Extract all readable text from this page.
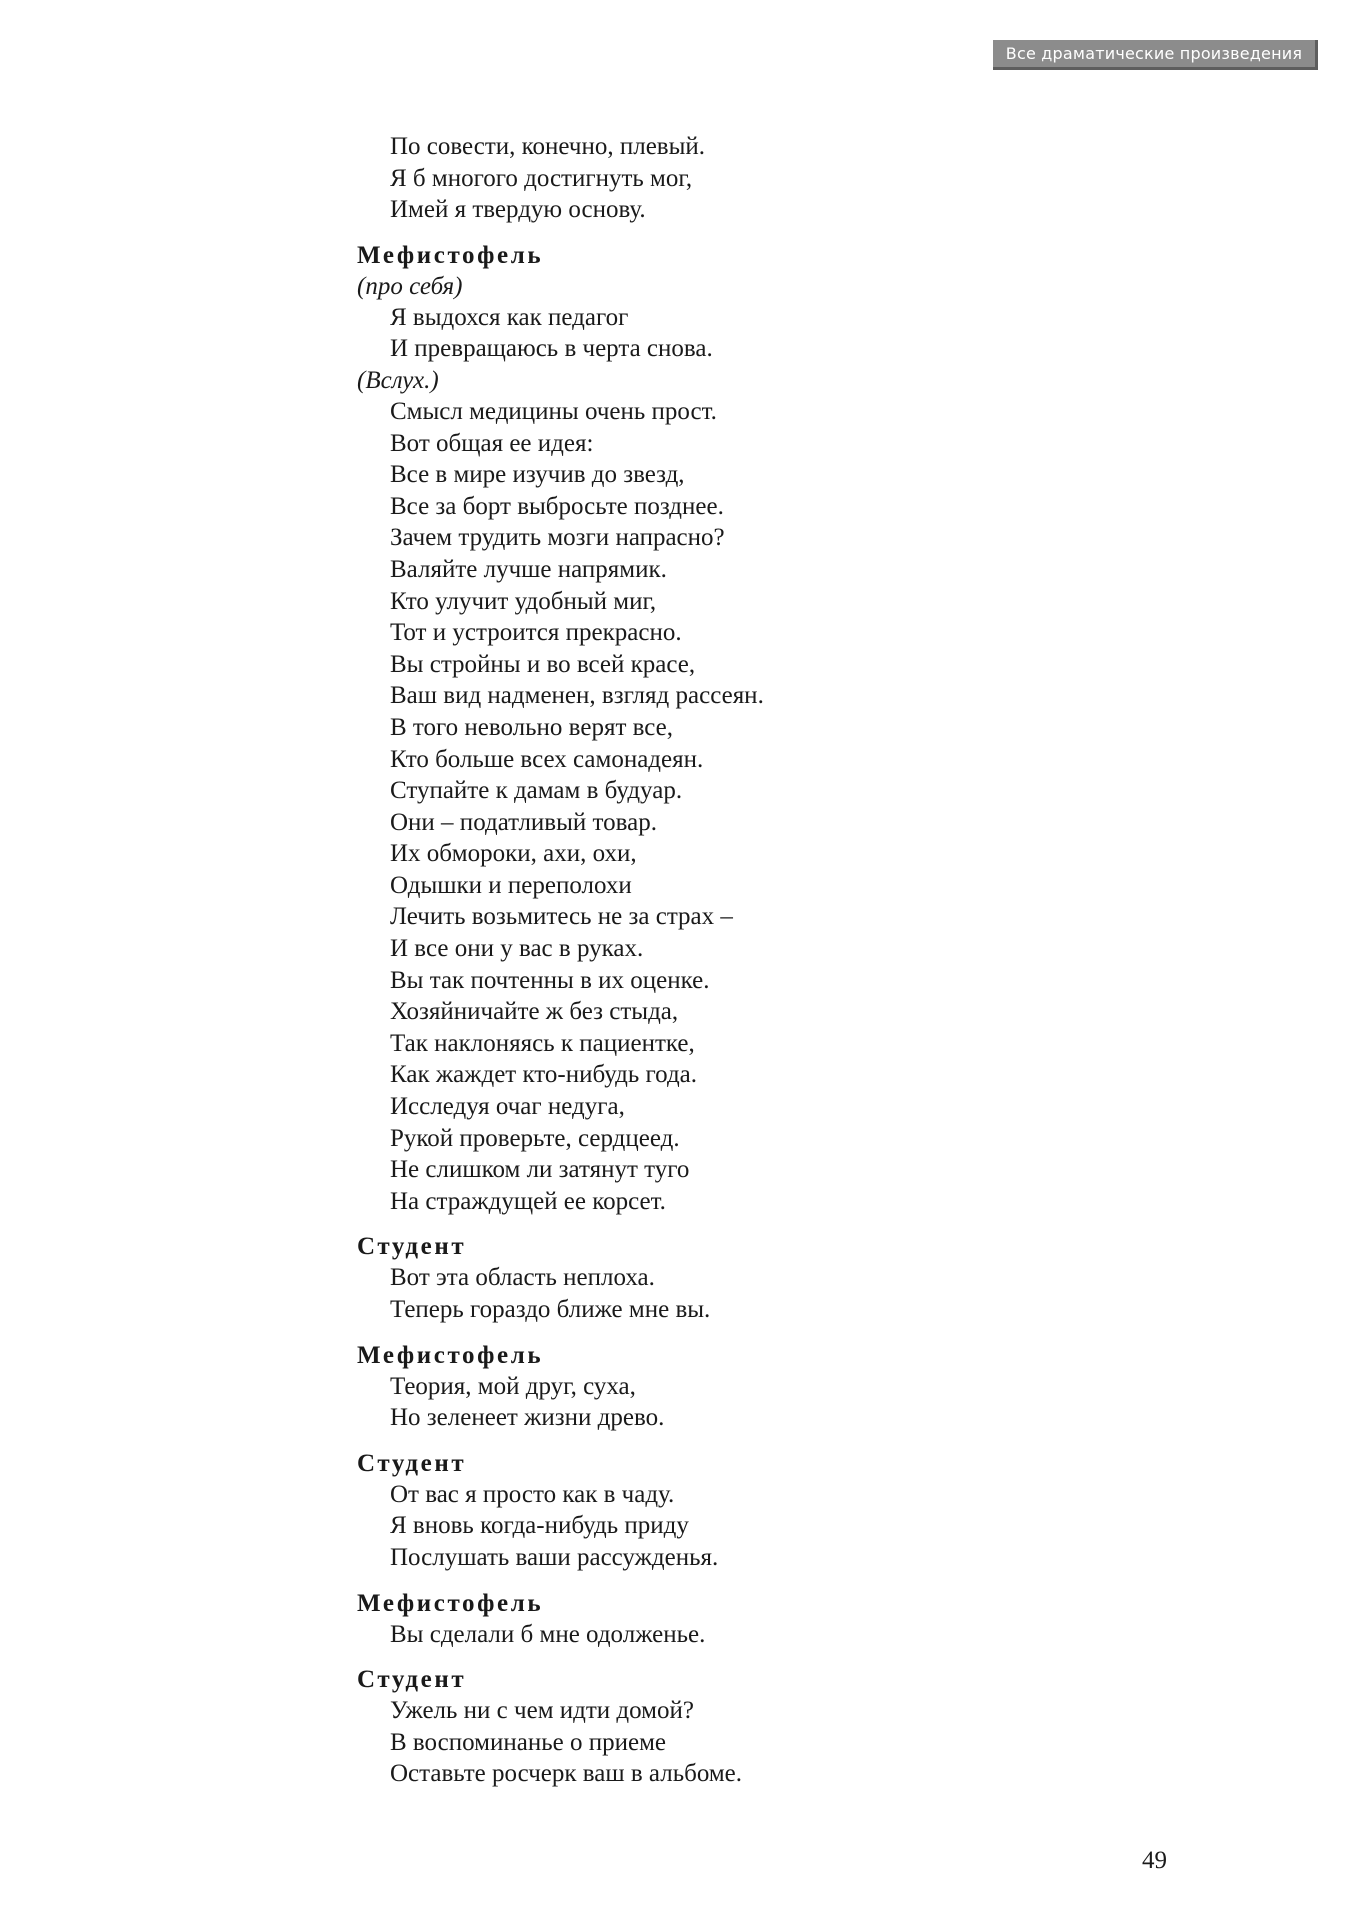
Все драматические произведения
По совести, конечно, плевый.
Я б многого достигнуть мог,
Имей я твердую основу.
Мефистофель
(про себя)
Я выдохся как педагог
И превращаюсь в черта снова.
(Вслух.)
Смысл медицины очень прост.
Вот общая ее идея:
Все в мире изучив до звезд,
Все за борт выбросьте позднее.
Зачем трудить мозги напрасно?
Валяйте лучше напрямик.
Кто улучит удобный миг,
Тот и устроится прекрасно.
Вы стройны и во всей красе,
Ваш вид надменен, взгляд рассеян.
В того невольно верят все,
Кто больше всех самонадеян.
Ступайте к дамам в будуар.
Они – податливый товар.
Их обмороки, ахи, охи,
Одышки и переполохи
Лечить возьмитесь не за страх –
И все они у вас в руках.
Вы так почтенны в их оценке.
Хозяйничайте ж без стыда,
Так наклоняясь к пациентке,
Как жаждет кто-нибудь года.
Исследуя очаг недуга,
Рукой проверьте, сердцеед.
Не слишком ли затянут туго
На страждущей ее корсет.
Студент
Вот эта область неплоха.
Теперь гораздо ближе мне вы.
Мефистофель
Теория, мой друг, суха,
Но зеленеет жизни древо.
Студент
От вас я просто как в чаду.
Я вновь когда-нибудь приду
Послушать ваши рассужденья.
Мефистофель
Вы сделали б мне одолженье.
Студент
Ужель ни с чем идти домой?
В воспоминанье о приеме
Оставьте росчерк ваш в альбоме.
49
